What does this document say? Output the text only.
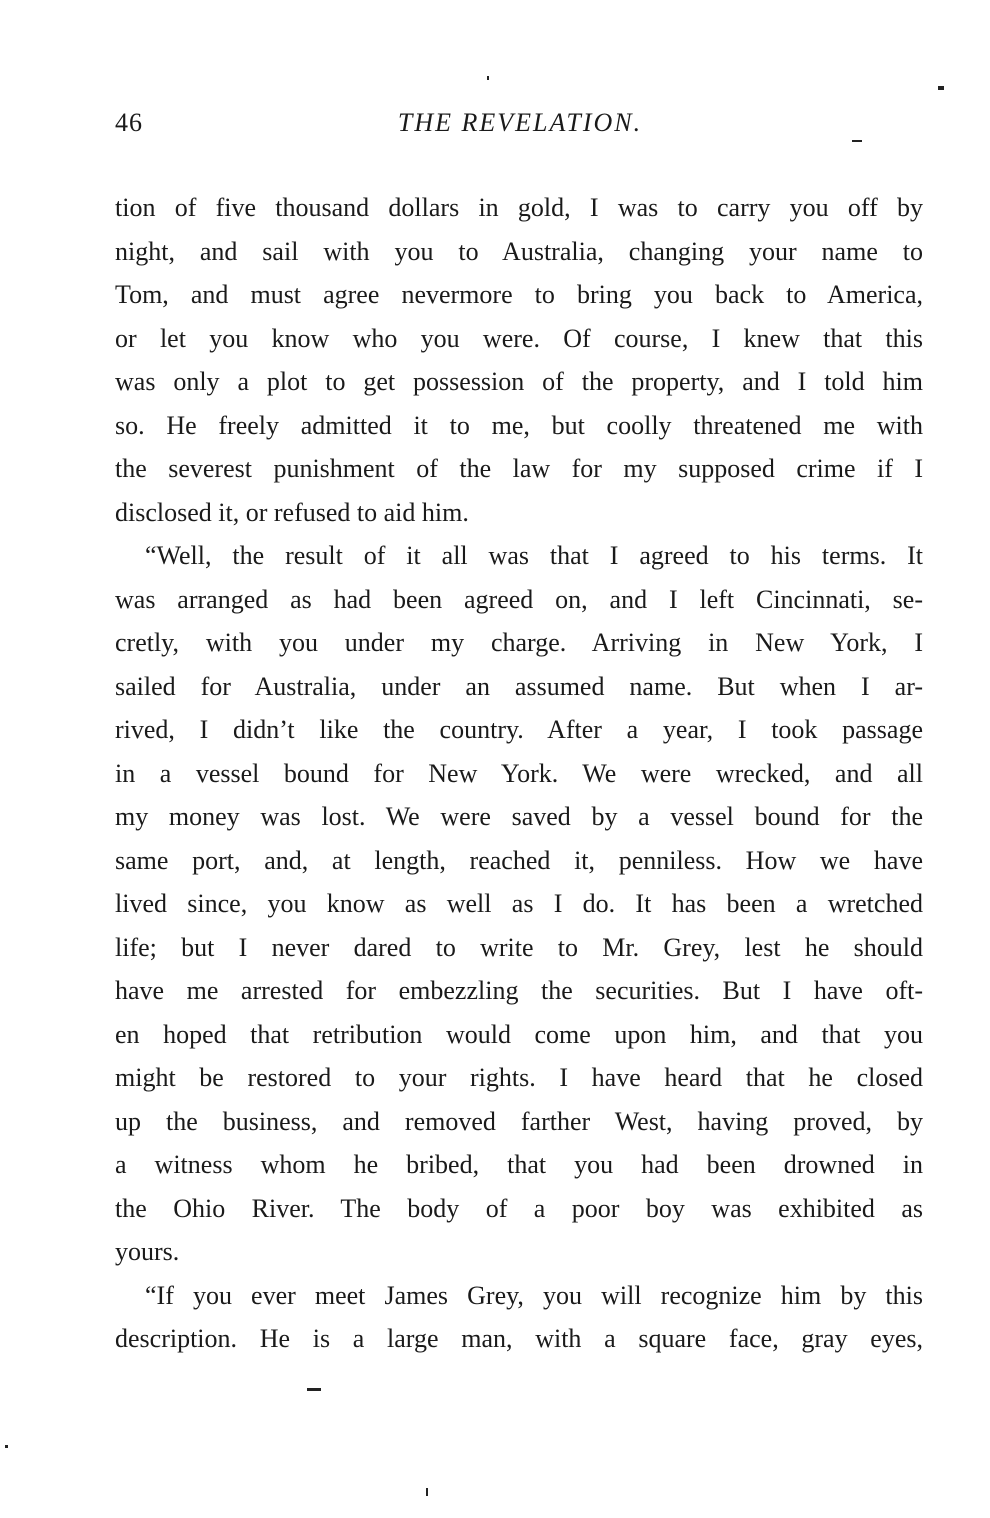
46	THE REVELATION.
tion of five thousand dollars in gold, I was to carry you off by
night, and sail with you to Australia, changing your name to
Tom, and must agree nevermore to bring you back to America,
or let you know who you were. Of course, I knew that this
was only a plot to get possession of the property, and I told him
so. He freely admitted it to me, but coolly threatened me with
the severest punishment of the law for my supposed crime if I
disclosed it, or refused to aid him.
“Well, the result of it all was that I agreed to his terms. It
was arranged as had been agreed on, and I left Cincinnati, se-
cretly, with you under my charge. Arriving in New York, I
sailed for Australia, under an assumed name. But when I ar-
rived, I didn’t like the country. After a year, I took passage
in a vessel bound for New York. We were wrecked, and all
my money was lost. We were saved by a vessel bound for the
same port, and, at length, reached it, penniless. How we have
lived since, you know as well as I do. It has been a wretched
life; but I never dared to write to Mr. Grey, lest he should
have me arrested for embezzling the securities. But I have oft-
en hoped that retribution would come upon him, and that you
might be restored to your rights. I have heard that he closed
up the business, and removed farther West, having proved, by
a witness whom he bribed, that you had been drowned in
the Ohio River. The body of a poor boy was exhibited as
yours.
“If you ever meet James Grey, you will recognize him by this
description. He is a large man, with a square face, gray eyes,
